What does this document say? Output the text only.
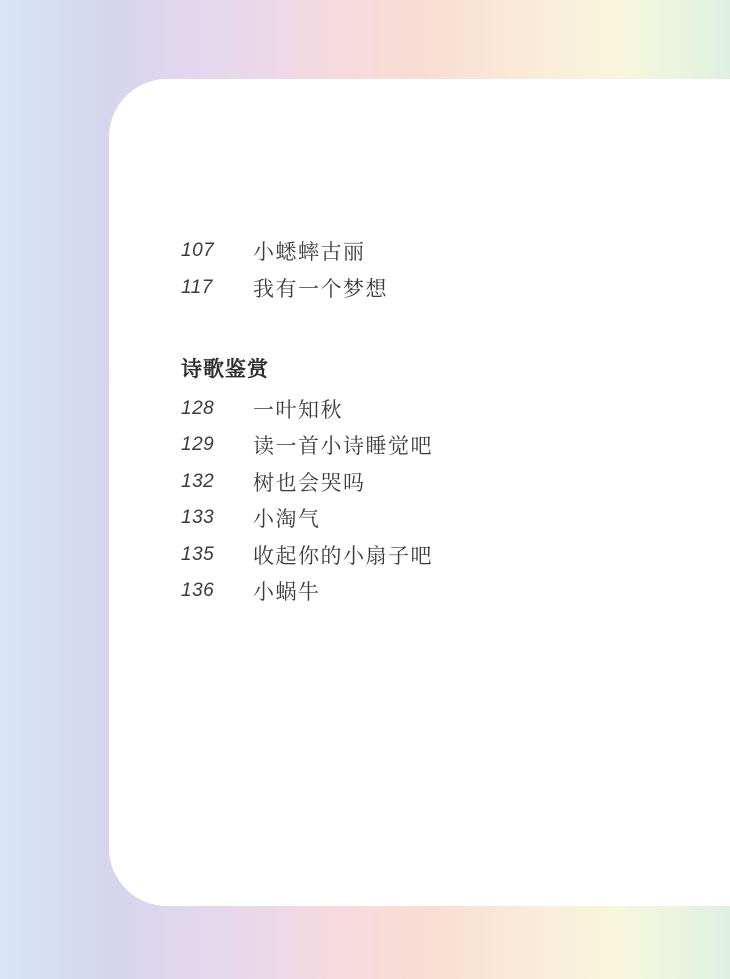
107	小蟋蟀古丽
117	我有一个梦想
诗歌鉴赏
128	一叶知秋
129	读一首小诗睡觉吧
132	树也会哭吗
133	小淘气
135	收起你的小扇子吧
136	小蜗牛
